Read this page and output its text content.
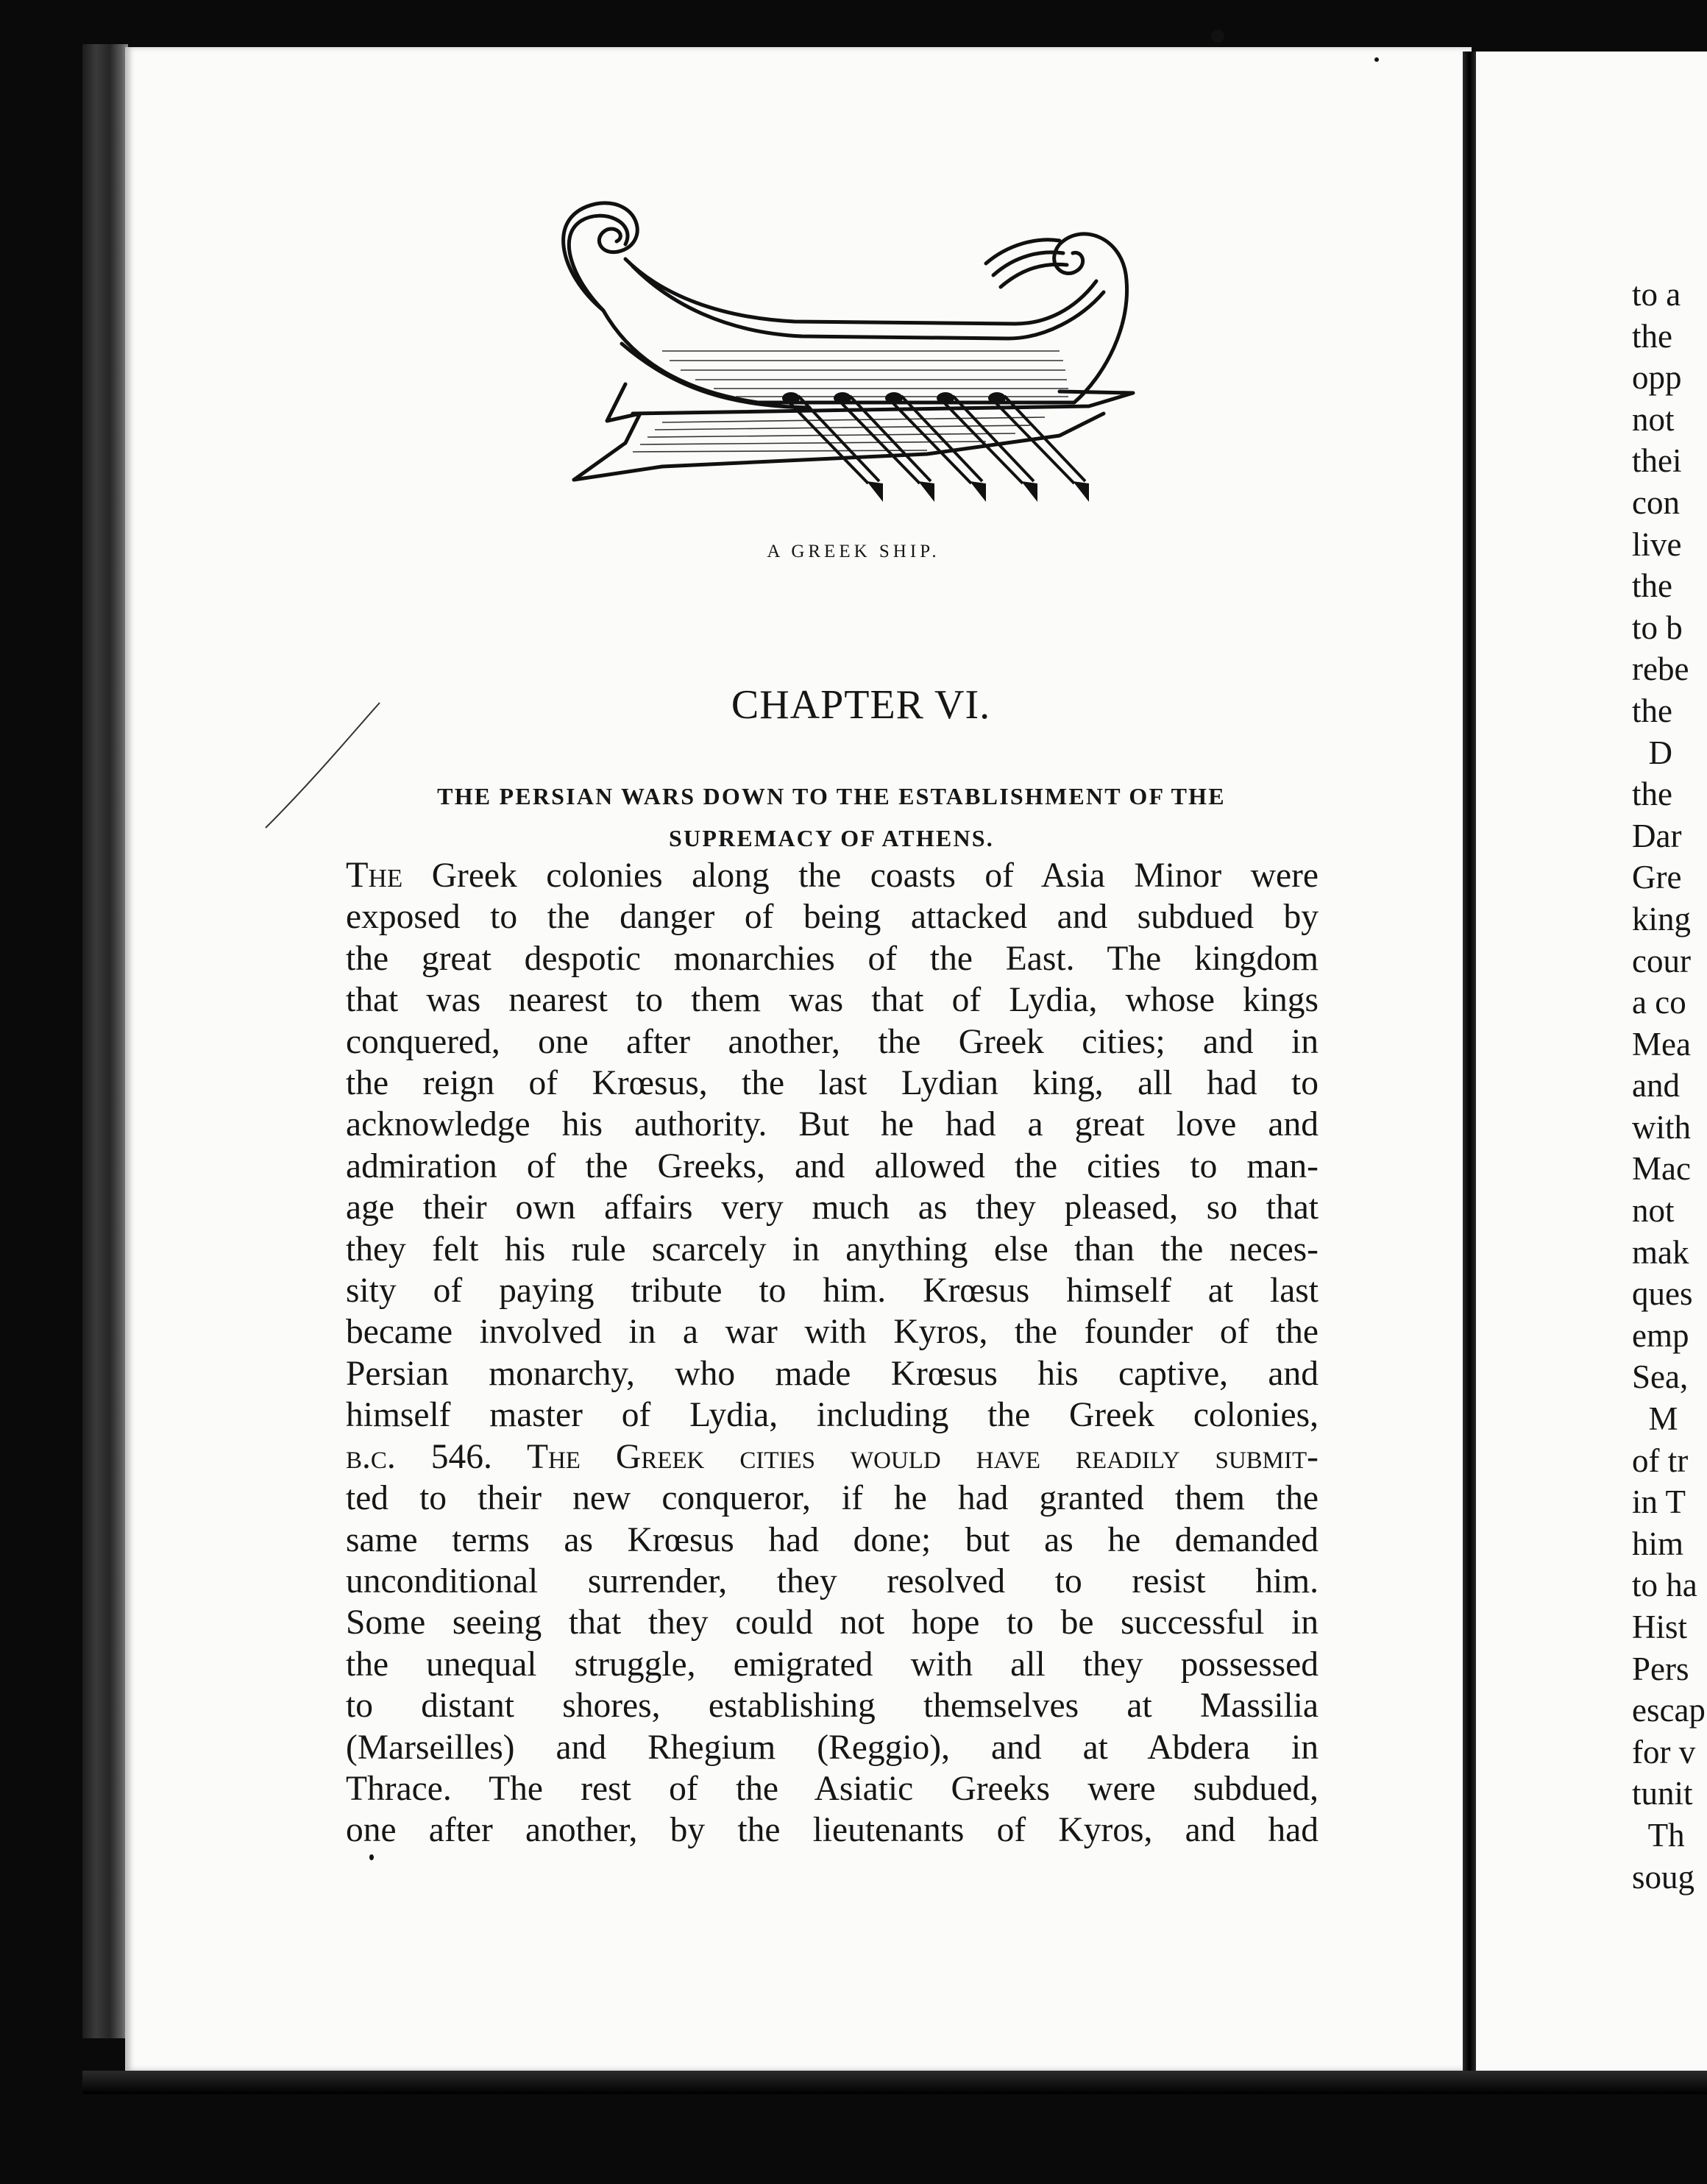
A GREEK SHIP.
CHAPTER VI.
THE PERSIAN WARS DOWN TO THE ESTABLISHMENT OF THE
SUPREMACY OF ATHENS.
The Greek colonies along the coasts of Asia Minor were
exposed to the danger of being attacked and subdued by
the great despotic monarchies of the East. The kingdom
that was nearest to them was that of Lydia, whose kings
conquered, one after another, the Greek cities; and in
the reign of Krœsus, the last Lydian king, all had to
acknowledge his authority. But he had a great love and
admiration of the Greeks, and allowed the cities to man-
age their own affairs very much as they pleased, so that
they felt his rule scarcely in anything else than the neces-
sity of paying tribute to him. Krœsus himself at last
became involved in a war with Kyros, the founder of the
Persian monarchy, who made Krœsus his captive, and
himself master of Lydia, including the Greek colonies,
b.c. 546. The Greek cities would have readily submit-
ted to their new conqueror, if he had granted them the
same terms as Krœsus had done; but as he demanded
unconditional surrender, they resolved to resist him.
Some seeing that they could not hope to be successful in
the unequal struggle, emigrated with all they possessed
to distant shores, establishing themselves at Massilia
(Marseilles) and Rhegium (Reggio), and at Abdera in
Thrace. The rest of the Asiatic Greeks were subdued,
one after another, by the lieutenants of Kyros, and had
to a
the
opp
not
thei
con
live
the
to b
rebe
the
D
the
Dar
Gre
king
cour
a co
Mea
and
with
Mac
not
mak
ques
emp
Sea,
M
of tr
in T
him
to ha
Hist
Pers
escap
for v
tunit
Th
soug
